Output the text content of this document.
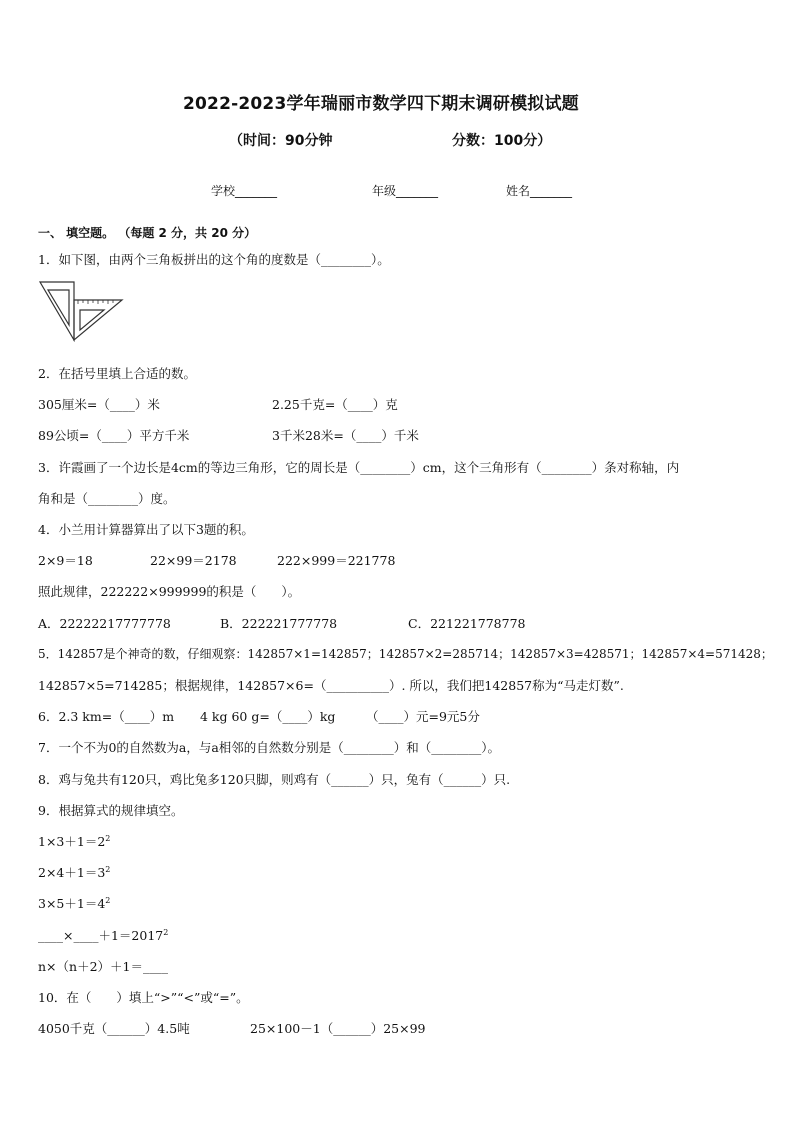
2022-2023学年瑞丽市数学四下期末调研模拟试题
（时间：90分钟	分数：100分）
学校_______	年级_______	姓名_______
一、 填空题。 （每题 2 分，共 20 分）
1．如下图，由两个三角板拼出的这个角的度数是（________）。
2．在括号里填上合适的数。
305厘米=（____）米	2.25千克=（____）克
89公顷=（____）平方千米	3千米28米=（____）千米
3．许霞画了一个边长是4cm的等边三角形，它的周长是（________）cm，这个三角形有（________）条对称轴，内
角和是（________）度。
4．小兰用计算器算出了以下3题的积。
2×9＝18	22×99＝2178	222×999＝221778
照此规律，222222×999999的积是（　　）。
A．22222217777778	B．222221777778	C．221221778778
5．142857是个神奇的数，仔细观察：142857×1=142857；142857×2=285714；142857×3=428571；142857×4=571428；
142857×5=714285；根据规律，142857×6=（__________）. 所以，我们把142857称为“马走灯数”.
6．2.3 km=（____）m 4 kg 60 g=（____）kg （____）元=9元5分
7．一个不为0的自然数为a，与a相邻的自然数分别是（________）和（________）。
8．鸡与兔共有120只，鸡比兔多120只脚，则鸡有（______）只，兔有（______）只.
9．根据算式的规律填空。
$1\times 3+1=2^2$
$2\times 4+1=3^2$
$3\times 5+1=4^2$
$\_\_\_\_\times\_\_\_\_+1=2017^2$
n×（n＋2）＋1＝____
10．在（　　）填上“>”“<”或“=”。
4050千克（______）4.5吨	25×100－1（______）25×99
